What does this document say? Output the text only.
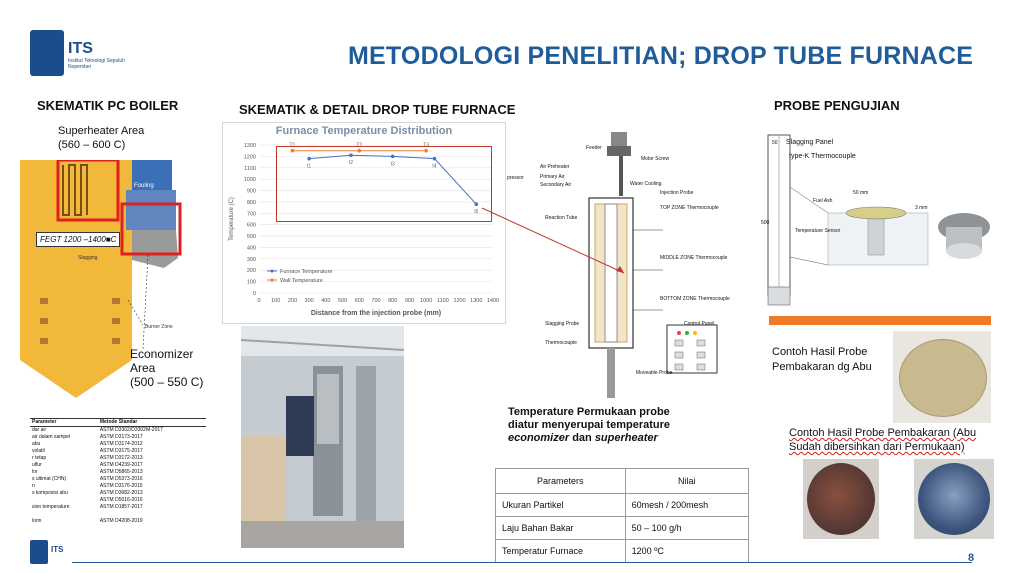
ITS
Institut Teknologi Sepuluh Nopember	METODOLOGI PENELITIAN; DROP TUBE FURNACE
SKEMATIK PC BOILER	SKEMATIK & DETAIL DROP TUBE FURNACE	PROBE PENGUJIAN
Superheater Area
(560 – 600 C)
Fouling
FEGT 1200 –1400■C
Slagging
Burner Zone
Economizer
Area
(500 – 550 C)
Parameter	Metode Standar
dar air	ASTM D3302/D3302M-2017
air dalam sampel	ASTM D3173-2017
abu	ASTM D3174-2012
volatil	ASTM D3175-2017
r tetap	ASTM D3172-2013
ulfur	ASTM D4239-2017
lor	ASTM D5865-2013
s ultimat (CHN)	ASTM D5373-2016
n	ASTM D3176-2015
s komposisi abu	ASTM D3682-2013
	ASTM D5016-2016
sion temperature	ASTM D1857-2017

lorin	ASTM D4208-2019
Furnace Temperature Distribution
0
100
200
300
400
500
600
700
800
900
1000
1100
1200
1300
0 100 200 300 400 500 600 700 800 900 1000 1100 1200 1300 1400
Distance from the injection probe (mm)
Temperature (C)
t1
t2	t3	t4
t5
Furnace Temperature
T1	T2	T3
Wall Temperature
Feeder
Motor Screw
Air Preheater
Primary Air
Secondary Air
pressor
Water Cooling
Injection Probe
TOP ZONE Thermocouple
Reaction Tube
MIDDLE ZONE Thermocouple
BOTTOM ZONE Thermocouple
Control Panel
Slagging Probe
Thermocouple
Moveable Probe
Temperature Permukaan probe
diatur menyerupai temperature
economizer dan superheater
Parameters	Nilai
Ukuran Partikel	60mesh / 200mesh
Laju Bahan Bakar	50 – 100 g/h
Temperatur Furnace	1200 ºC
Slagging Panel
type-K Thermocouple
50
50 mm
3 mm
500
Fuel Ash
Temperature Sensor
Contoh Hasil Probe
Pembakaran dg Abu
Contoh Hasil Probe Pembakaran (Abu
Sudah dibersihkan dari Permukaan)
ITS
8
